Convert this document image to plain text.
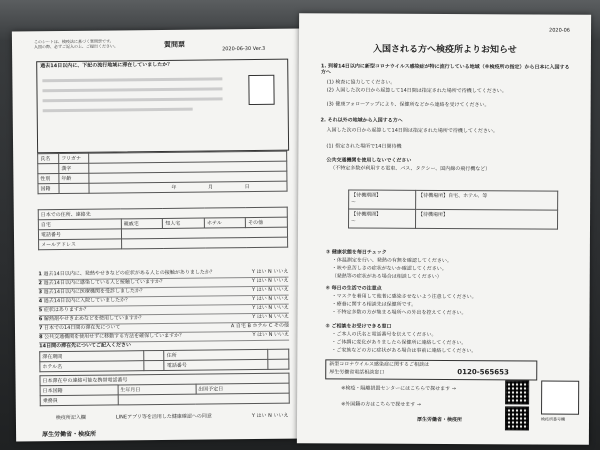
このシートは、検疫法に基づく質問票です。
入国の際、必ずご記入の上、ご提出ください。	質問票
2020-06-30 Ver.3
過去14日以内に、下記の流行地域に滞在していましたか？
氏名	フリガナ	
	漢字	
性別	年齢	
国籍		年 月 日
日本での住所、連絡先				
自宅	親戚宅	知人宅	ホテル	その他
電話番号				
メールアドレス				
1 過去14日以内に、発熱やせきなどの症状がある人との接触がありましたか？	Y はい N いいえ
2 過去14日以内に感染している人と接触していますか？	Y はい N いいえ
3 過去14日以内に医療機関を受診しましたか？	Y はい N いいえ
4 過去14日以内に入院していましたか？	Y はい N いいえ
5 症状はありますか？	Y はい N いいえ
6 解熱剤やせき止めなどを使用していますか？	Y はい N いいえ
7 日本での14日間の滞在先について	A 自宅 B ホテル C その他
8 公共交通機関を使用せずに移動する方法を確保していますか？	Y はい N いいえ
14日間の滞在先についてご記入ください
滞在期間		住所	
ホテル名		電話番号	
日本滞在中の連絡可能な携帯電話番号		
日本国籍	生年月日	出国予定日
乗務員		
検疫所記入欄	LINEアプリ等を活用した健康確認への同意	Y はい N いいえ
厚生労働省・検疫所
2020-06
入国される方へ検疫所よりお知らせ
1. 到着14日以内に新型コロナウイルス感染症が特に流行している地域（※検疫所の指定）から日本に入国する方へ
(1) 検査に協力してください。
(2) 入国した次の日から起算して14日間は指定された場所で待機してください。
(3) 健康フォローアップにより、保健所などから連絡を受けてください。
2. それ以外の地域から入国する方へ
入国した次の日から起算して14日間は指定された場所で待機してください。
(1) 指定された場所で14日間待機
公共交通機関を使用しないでください
（不特定多数が利用する電車、バス、タクシー、国内線の飛行機など）
【待機期間】
～	【待機場所】自宅、ホテル、等
【待機期間】
～	【待機場所】
③ 健康状態を毎日チェック
・体温測定を行い、発熱の有無を確認してください。
・咳や息苦しさの症状がないか確認してください。
（発熱等の症状がある場合は相談してください）
④ 毎日の生活での注意点
・マスクを着用して他者に感染させないよう注意してください。
・療養に関する相談先は保健所です。
・不特定多数の方が集まる場所への外出を控えてください。
⑤ ご相談をお受けできる窓口
・ご本人の氏名と電話番号を伝えてください。
・ご体調に変化がありましたら保健所に連絡してください。
・ご家族などの方に症状がある場合は事前に連絡してください。
新型コロナウイルス感染症に関するご相談は
厚生労働省電話相談窓口	0120-565653
※検疫・隔離措置センターにはこちらで探せます →
※外国籍の方はこちらで探せます →
検疫所番号欄
厚生労働省・検疫所
